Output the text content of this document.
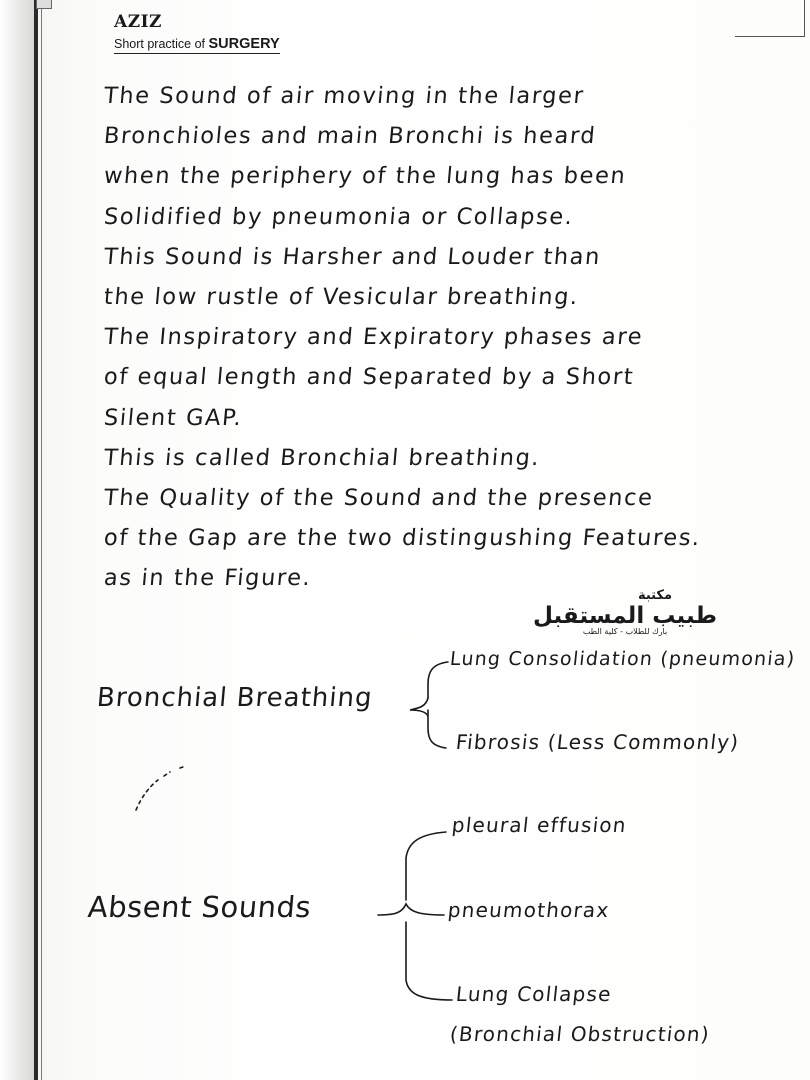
AZIZ
Short practice of SURGERY
The Sound of air moving in the larger
Bronchioles and main Bronchi is heard
when the periphery of the lung has been
Solidified by pneumonia or Collapse.
This Sound is Harsher and Louder than
the low rustle of Vesicular breathing.
The Inspiratory and Expiratory phases are
of equal length and Separated by a Short
Silent GAP.
This is called Bronchial breathing.
The Quality of the Sound and the presence
of the Gap are the two distingushing Features.
as in the Figure.
مكتبة
طبيب المستقبل
بارك للطلاب - كلية الطب
Bronchial Breathing
Lung Consolidation (pneumonia)
Fibrosis (Less Commonly)
Absent Sounds
pleural effusion
pneumothorax
Lung Collapse
(Bronchial Obstruction)
